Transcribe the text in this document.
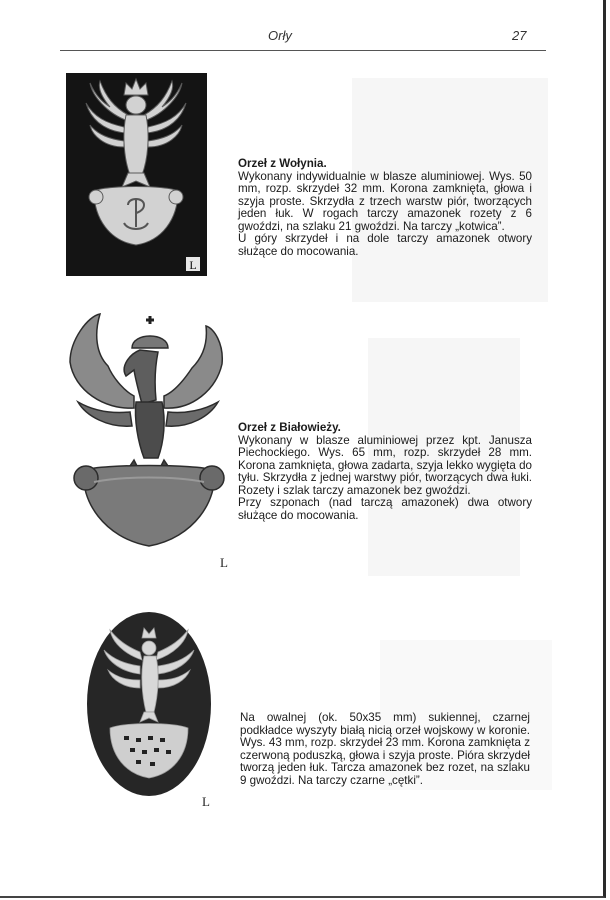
Orły	27
L
Orzeł z Wołynia.

Wykonany indywidualnie w blasze aluminiowej. Wys. 50 mm, rozp. skrzydeł 32 mm. Korona zamknięta, głowa i szyja proste. Skrzydła z trzech warstw piór, tworzących jeden łuk. W rogach tarczy amazonek rozety z 6 gwoździ, na szlaku 21 gwoździ. Na tarczy „kotwica”.

U góry skrzydeł i na dole tarczy amazonek otwory służące do mocowania.

L
Orzeł z Białowieży.

Wykonany w blasze aluminiowej przez kpt. Janusza Piechockiego. Wys. 65 mm, rozp. skrzydeł 28 mm. Korona zamknięta, głowa zadarta, szyja lekko wygięta do tyłu. Skrzydła z jednej warstwy piór, tworzących dwa łuki. Rozety i szlak tarczy amazonek bez gwoździ.

Przy szponach (nad tarczą amazonek) dwa otwory służące do mocowania.

L

Na owalnej (ok. 50x35 mm) sukiennej, czarnej podkładce wyszyty białą nicią orzeł wojskowy w koronie. Wys. 43 mm, rozp. skrzydeł 23 mm. Korona zamknięta z czerwoną poduszką, głowa i szyja proste. Pióra skrzydeł tworzą jeden łuk. Tarcza amazonek bez rozet, na szlaku 9 gwoździ. Na tarczy czarne „cętki”.
